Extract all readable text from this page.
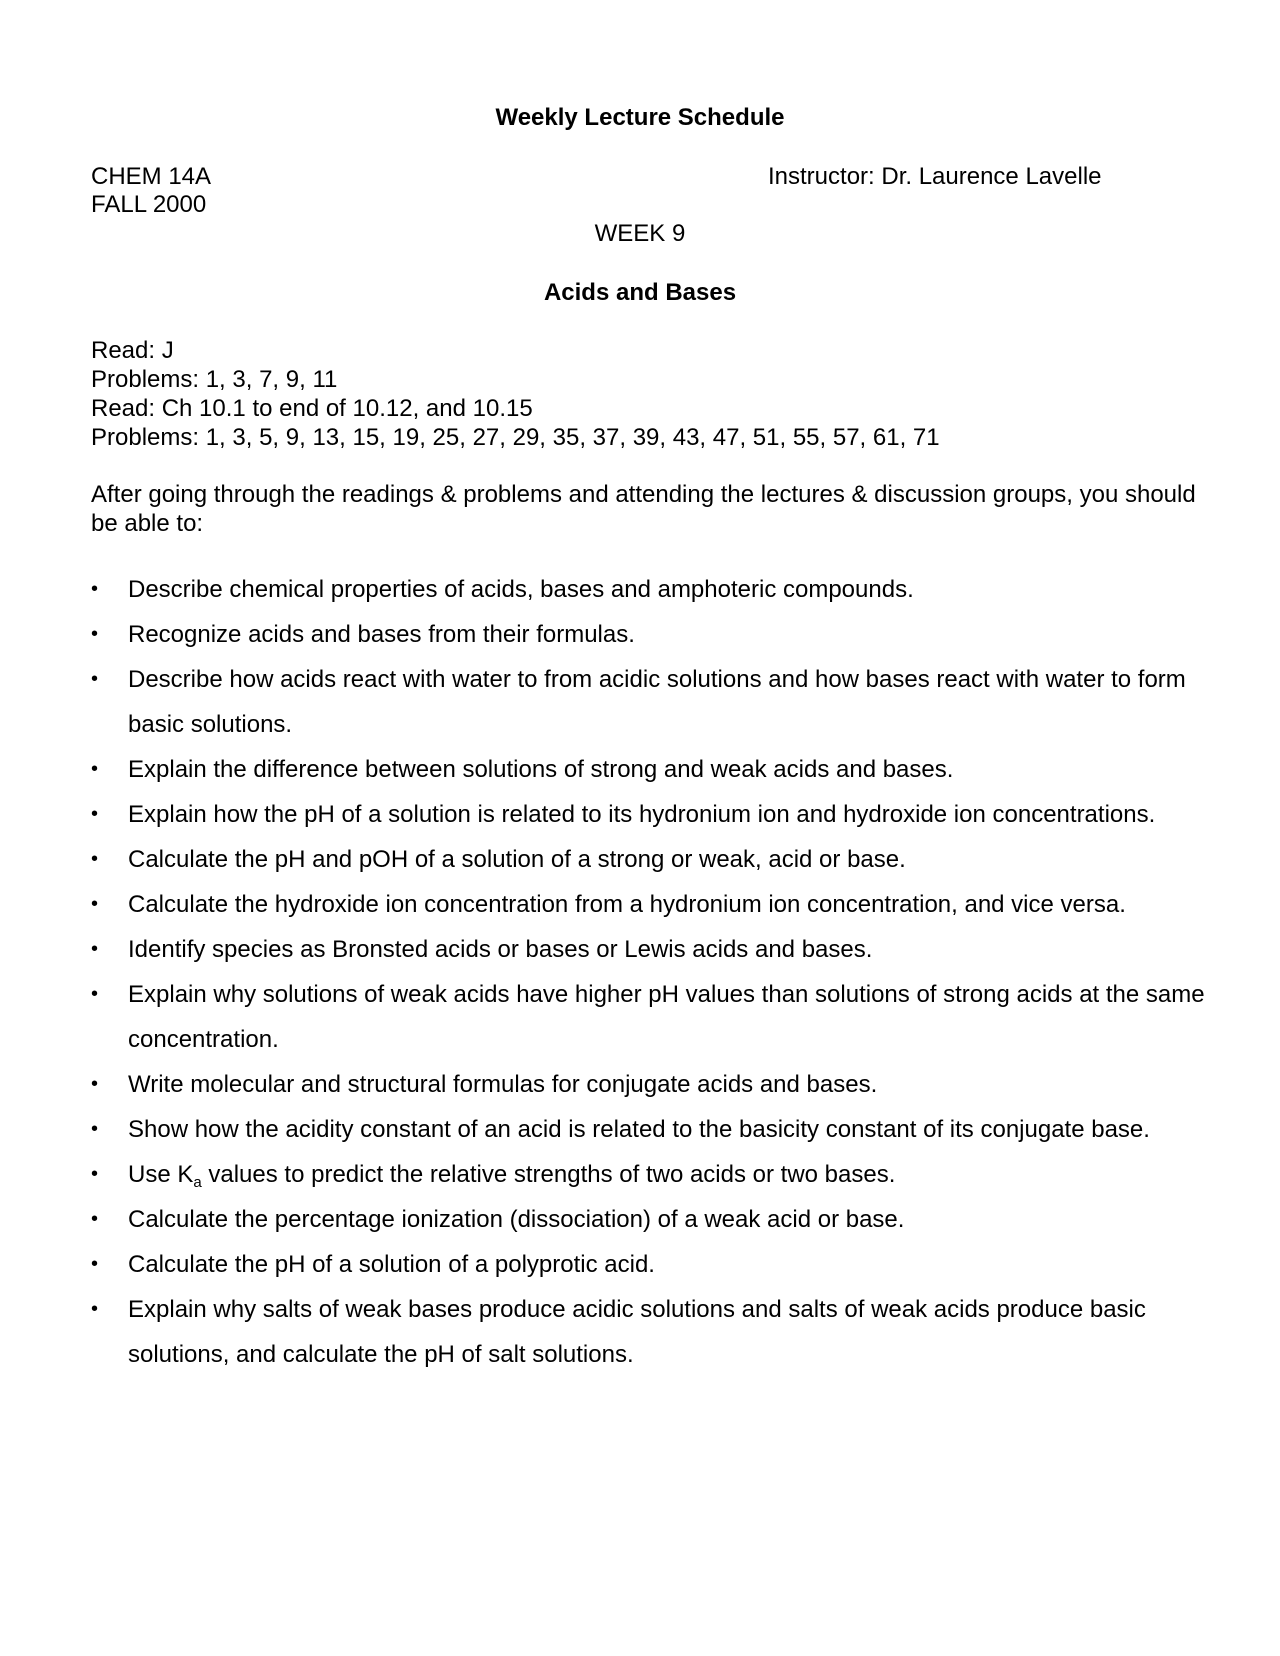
Weekly Lecture Schedule
CHEM 14A
FALL 2000
Instructor: Dr. Laurence Lavelle
WEEK 9
Acids and Bases
Read: J
Problems: 1, 3, 7, 9, 11
Read: Ch 10.1 to end of 10.12, and 10.15
Problems: 1, 3, 5, 9, 13, 15, 19, 25, 27, 29, 35, 37, 39, 43, 47, 51, 55, 57, 61, 71
After going through the readings & problems and attending the lectures & discussion groups, you should be able to:
• Describe chemical properties of acids, bases and amphoteric compounds.
• Recognize acids and bases from their formulas.
• Describe how acids react with water to from acidic solutions and how bases react with water to form basic solutions.
• Explain the difference between solutions of strong and weak acids and bases.
• Explain how the pH of a solution is related to its hydronium ion and hydroxide ion concentrations.
• Calculate the pH and pOH of a solution of a strong or weak, acid or base.
• Calculate the hydroxide ion concentration from a hydronium ion concentration, and vice versa.
• Identify species as Bronsted acids or bases or Lewis acids and bases.
• Explain why solutions of weak acids have higher pH values than solutions of strong acids at the same concentration.
• Write molecular and structural formulas for conjugate acids and bases.
• Show how the acidity constant of an acid is related to the basicity constant of its conjugate base.
• Use $K_a$ values to predict the relative strengths of two acids or two bases.
• Calculate the percentage ionization (dissociation) of a weak acid or base.
• Calculate the pH of a solution of a polyprotic acid.
• Explain why salts of weak bases produce acidic solutions and salts of weak acids produce basic solutions, and calculate the pH of salt solutions.
